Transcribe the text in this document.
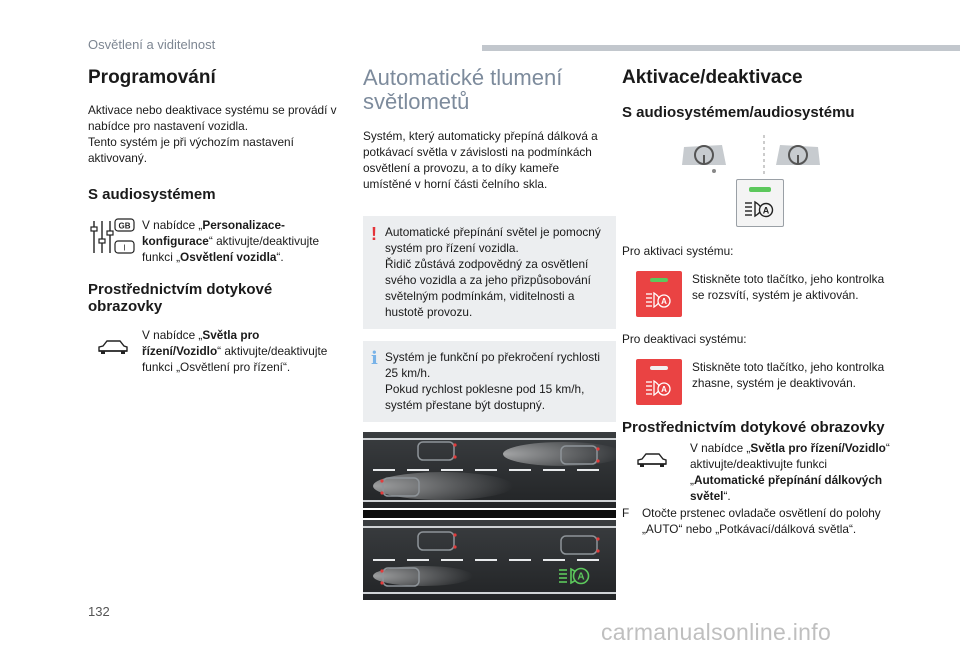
Osvětlení a viditelnost
Programování

Aktivace nebo deaktivace systému se provádí v nabídce pro nastavení vozidla.

Tento systém je při výchozím nastavení aktivovaný.

S audiosystémem
GB
I

V nabídce „Personalizace-konfigurace“ aktivujte/deaktivujte funkci „Osvětlení vozidla“.

Prostřednictvím dotykové obrazovky

V nabídce „Světla pro řízení/Vozidlo“ aktivujte/deaktivujte funkci „Osvětlení pro řízení“.

Automatické tlumení
světlometů

Systém, který automaticky přepíná dálková a potkávací světla v závislosti na podmínkách osvětlení a provozu, a to díky kameře umístěné v horní části čelního skla.

! Automatické přepínání světel je pomocný systém pro řízení vozidla.
Řidič zůstává zodpovědný za osvětlení svého vozidla a za jeho přizpůsobování světelným podmínkám, viditelnosti a hustotě provozu.
i Systém je funkční po překročení rychlosti 25 km/h.
Pokud rychlost poklesne pod 15 km/h, systém přestane být dostupný.
A
Aktivace/deaktivace
S audiosystémem/audiosystému
A

Pro aktivaci systému:

A

Stiskněte toto tlačítko, jeho kontrolka se rozsvítí, systém je aktivován.

Pro deaktivaci systému:

A

Stiskněte toto tlačítko, jeho kontrolka zhasne, systém je deaktivován.

Prostřednictvím dotykové obrazovky

V nabídce „Světla pro řízení/Vozidlo“ aktivujte/deaktivujte funkci „Automatické přepínání dálkových světel“.

F	Otočte prstenec ovladače osvětlení do polohy „AUTO“ nebo „Potkávací/dálková světla“.

132
carmanualsonline.info
